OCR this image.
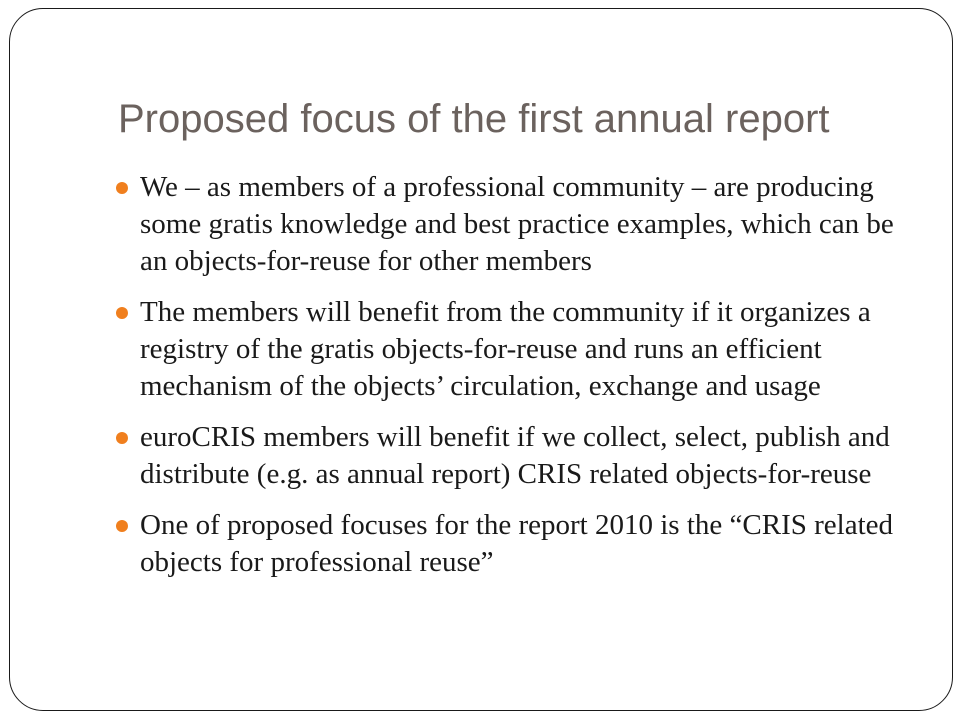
Proposed focus of the first annual report
We – as members of a professional community – are producing some gratis knowledge and best practice examples, which can be an objects-for-reuse for other members
The members will benefit from the community if it organizes a registry of the gratis objects-for-reuse and runs an efficient mechanism of the objects’ circulation, exchange and usage
euroCRIS members will benefit if we collect, select, publish and distribute (e.g. as annual report) CRIS related objects-for-reuse
One of proposed focuses for the report 2010 is the “CRIS related objects for professional reuse”
